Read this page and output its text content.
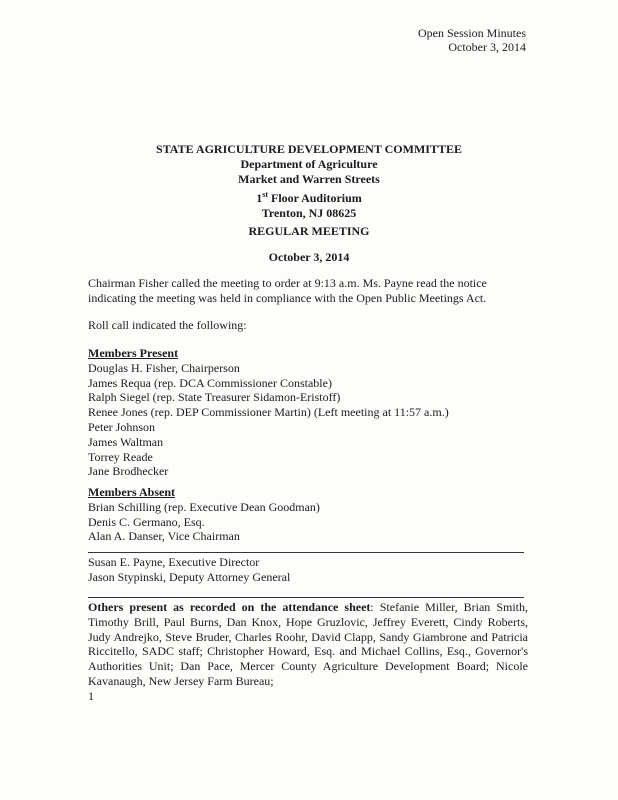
Open Session Minutes
October 3, 2014
STATE AGRICULTURE DEVELOPMENT COMMITTEE
Department of Agriculture
Market and Warren Streets
1st Floor Auditorium
Trenton, NJ 08625
REGULAR MEETING
October 3, 2014
Chairman Fisher called the meeting to order at 9:13 a.m. Ms. Payne read the notice indicating the meeting was held in compliance with the Open Public Meetings Act.
Roll call indicated the following:
Members Present
Douglas H. Fisher, Chairperson
James Requa (rep. DCA Commissioner Constable)
Ralph Siegel (rep. State Treasurer Sidamon-Eristoff)
Renee Jones (rep. DEP Commissioner Martin) (Left meeting at 11:57 a.m.)
Peter Johnson
James Waltman
Torrey Reade
Jane Brodhecker
Members Absent
Brian Schilling (rep. Executive Dean Goodman)
Denis C. Germano, Esq.
Alan A. Danser, Vice Chairman
Susan E. Payne, Executive Director
Jason Stypinski, Deputy Attorney General
Others present as recorded on the attendance sheet: Stefanie Miller, Brian Smith, Timothy Brill, Paul Burns, Dan Knox, Hope Gruzlovic, Jeffrey Everett, Cindy Roberts, Judy Andrejko, Steve Bruder, Charles Roohr, David Clapp, Sandy Giambrone and Patricia Riccitello, SADC staff; Christopher Howard, Esq. and Michael Collins, Esq., Governor's Authorities Unit; Dan Pace, Mercer County Agriculture Development Board; Nicole Kavanaugh, New Jersey Farm Bureau;
1
